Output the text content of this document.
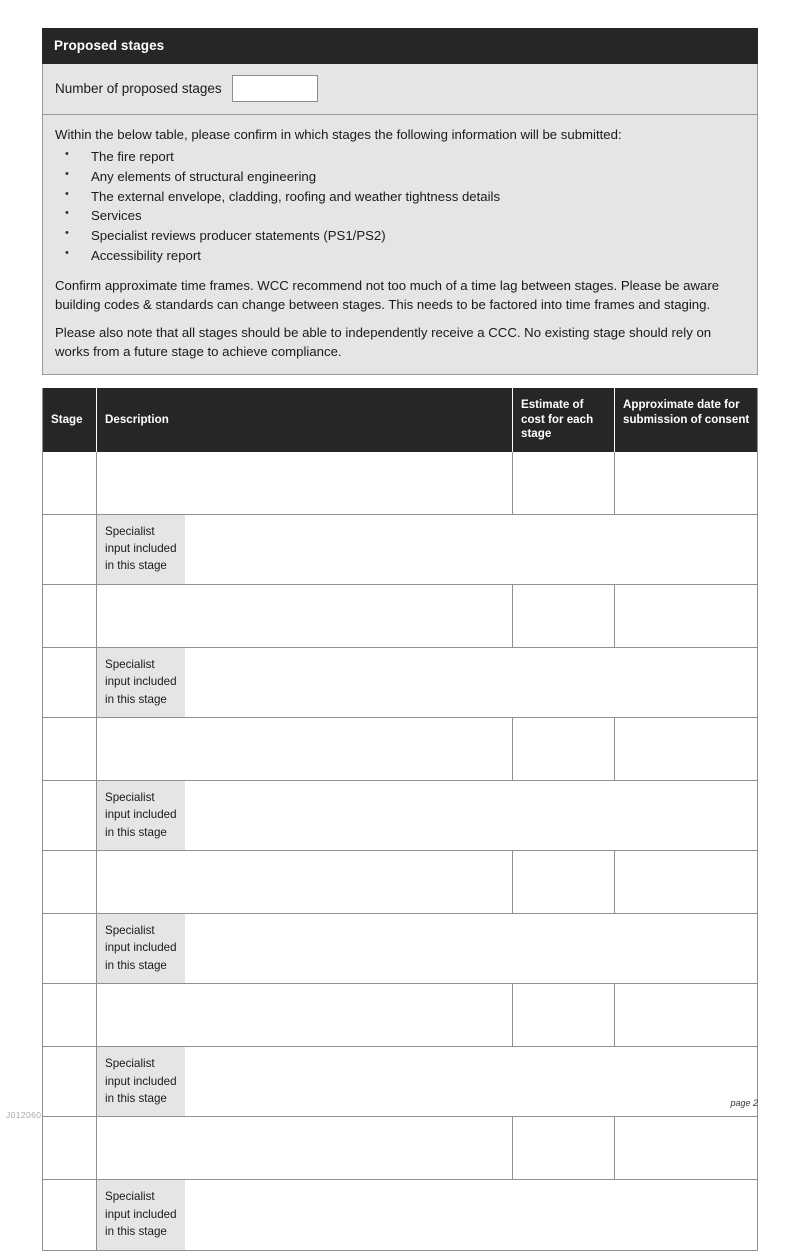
Proposed stages
Number of proposed stages

Within the below table, please confirm in which stages the following information will be submitted:

• The fire report
• Any elements of structural engineering
• The external envelope, cladding, roofing and weather tightness details
• Services
• Specialist reviews producer statements (PS1/PS2)
• Accessibility report

Confirm approximate time frames. WCC recommend not too much of a time lag between stages. Please be aware building codes & standards can change between stages. This needs to be factored into time frames and staging.

Please also note that all stages should be able to independently receive a CCC. No existing stage should rely on works from a future stage to achieve compliance.

Stage	Description
Estimate of cost for each stage
Approximate date for submission of consent
Specialist input included in this stage
Specialist input included in this stage
Specialist input included in this stage
Specialist input included in this stage
Specialist input included in this stage
Specialist input included in this stage
J012060
page 2
